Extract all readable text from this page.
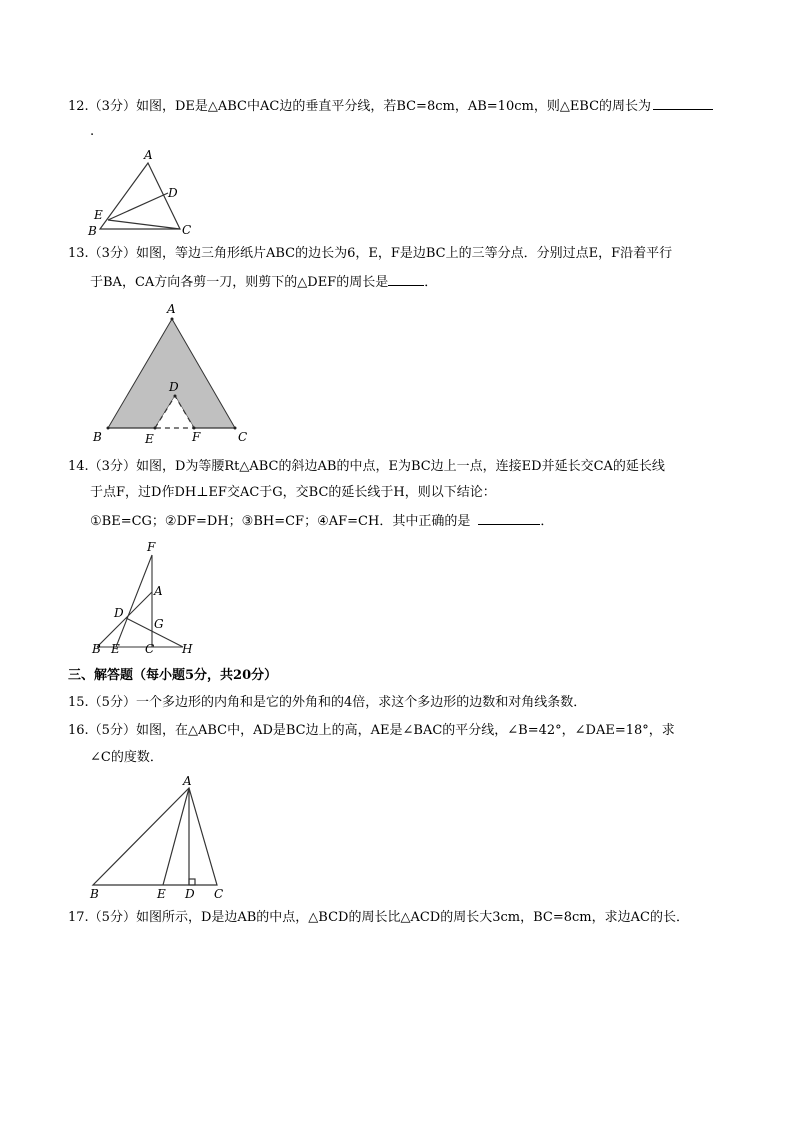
12.（3分）如图，DE是△ABC中AC边的垂直平分线，若BC=8cm，AB=10cm，则△EBC的周长为
.
13.（3分）如图，等边三角形纸片ABC的边长为6，E，F是边BC上的三等分点．分别过点E，F沿着平行
于BA，CA方向各剪一刀，则剪下的△DEF的周长是	．
14.（3分）如图，D为等腰Rt△ABC的斜边AB的中点，E为BC边上一点，连接ED并延长交CA的延长线
于点F，过D作DH⊥EF交AC于G，交BC的延长线于H，则以下结论：
①BE=CG；②DF=DH；③BH=CF；④AF=CH．其中正确的是	．
三、解答题（每小题5分，共20分）
15.（5分）一个多边形的内角和是它的外角和的4倍，求这个多边形的边数和对角线条数．
16.（5分）如图，在△ABC中，AD是BC边上的高，AE是∠BAC的平分线，∠B=42°，∠DAE=18°，求
∠C的度数．
17.（5分）如图所示，D是边AB的中点，△BCD的周长比△ACD的周长大3cm，BC=8cm，求边AC的长．
A
B	C
D
E
A
B	C
D
E	F
A
B	C
D
E
F
G
H
A
B	C
D
E
